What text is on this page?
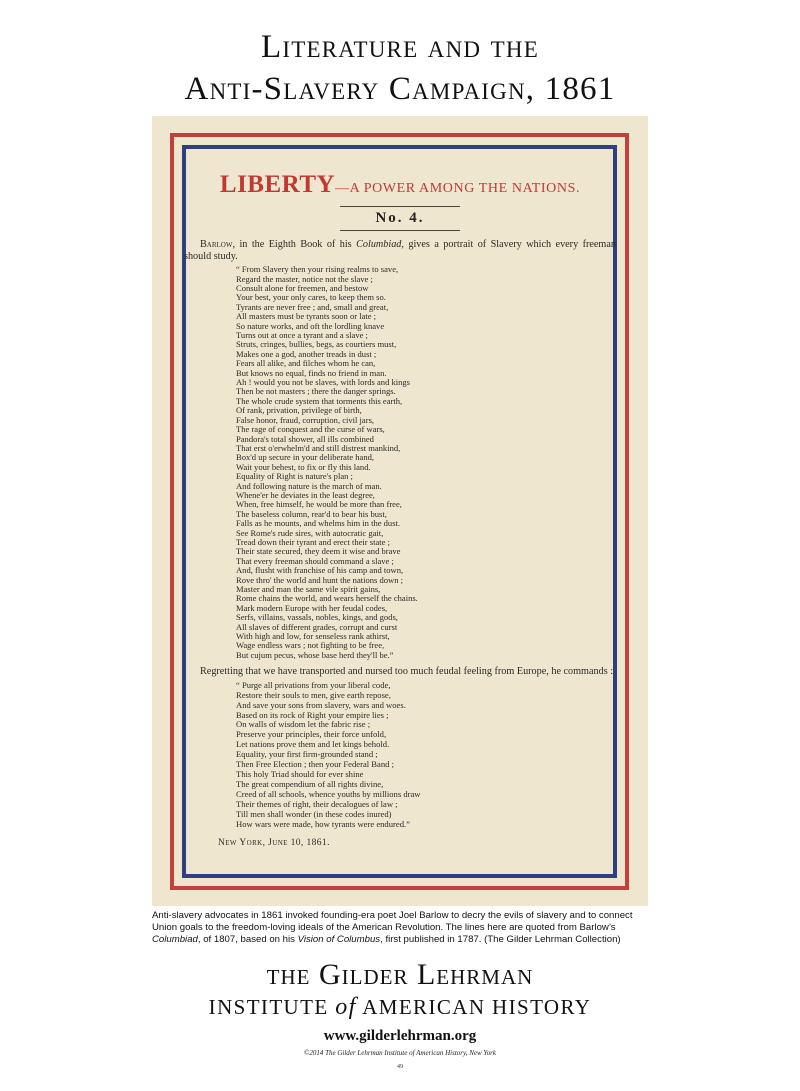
Literature and the
Anti-Slavery Campaign, 1861
LIBERTY—A POWER AMONG THE NATIONS.
No. 4.

Barlow, in the Eighth Book of his Columbiad, gives a portrait of Slavery which every freeman should study.

“ From Slavery then your rising realms to save,
Regard the master, notice not the slave ;
Consult alone for freemen, and bestow
Your best, your only cares, to keep them so.
Tyrants are never free ; and, small and great,
All masters must be tyrants soon or late ;
So nature works, and oft the lordling knave
Turns out at once a tyrant and a slave ;
Struts, cringes, bullies, begs, as courtiers must,
Makes one a god, another treads in dust ;
Fears all alike, and filches whom he can,
But knows no equal, finds no friend in man.
Ah ! would you not be slaves, with lords and kings
Then be not masters ; there the danger springs.
The whole crude system that torments this earth,
Of rank, privation, privilege of birth,
False honor, fraud, corruption, civil jars,
The rage of conquest and the curse of wars,
Pandora's total shower, all ills combined
That erst o'erwhelm'd and still distrest mankind,
Box'd up secure in your deliberate hand,
Wait your behest, to fix or fly this land.
Equality of Right is nature's plan ;
And following nature is the march of man.
Whene'er he deviates in the least degree,
When, free himself, he would be more than free,
The baseless column, rear'd to bear his bust,
Falls as he mounts, and whelms him in the dust.
See Rome's rude sires, with autocratic gait,
Tread down their tyrant and erect their state ;
Their state secured, they deem it wise and brave
That every freeman should command a slave ;
And, flusht with franchise of his camp and town,
Rove thro' the world and hunt the nations down ;
Master and man the same vile spirit gains,
Rome chains the world, and wears herself the chains.
Mark modern Europe with her feudal codes,
Serfs, villains, vassals, nobles, kings, and gods,
All slaves of different grades, corrupt and curst
With high and low, for senseless rank athirst,
Wage endless wars ; not fighting to be free,
But cujum pecus, whose base herd they'll be.”

Regretting that we have transported and nursed too much feudal feeling from Europe, he commands :

“ Purge all privations from your liberal code,
Restore their souls to men, give earth repose,
And save your sons from slavery, wars and woes.
Based on its rock of Right your empire lies ;
On walls of wisdom let the fabric rise ;
Preserve your principles, their force unfold,
Let nations prove them and let kings behold.
Equality, your first firm-grounded stand ;
Then Free Election ; then your Federal Band ;
This holy Triad should for ever shine
The great compendium of all rights divine,
Creed of all schools, whence youths by millions draw
Their themes of right, their decalogues of law ;
Till men shall wonder (in these codes inured)
How wars were made, how tyrants were endured.”
New York, June 10, 1861.
Anti-slavery advocates in 1861 invoked founding-era poet Joel Barlow to decry the evils of slavery and to connect Union goals to the freedom-loving ideals of the American Revolution. The lines here are quoted from Barlow’s Columbiad, of 1807, based on his Vision of Columbus, first published in 1787. (The Gilder Lehrman Collection)
the Gilder Lehrman
INSTITUTE of AMERICAN HISTORY
www.gilderlehrman.org
©2014 The Gilder Lehrman Institute of American History, New York
49
